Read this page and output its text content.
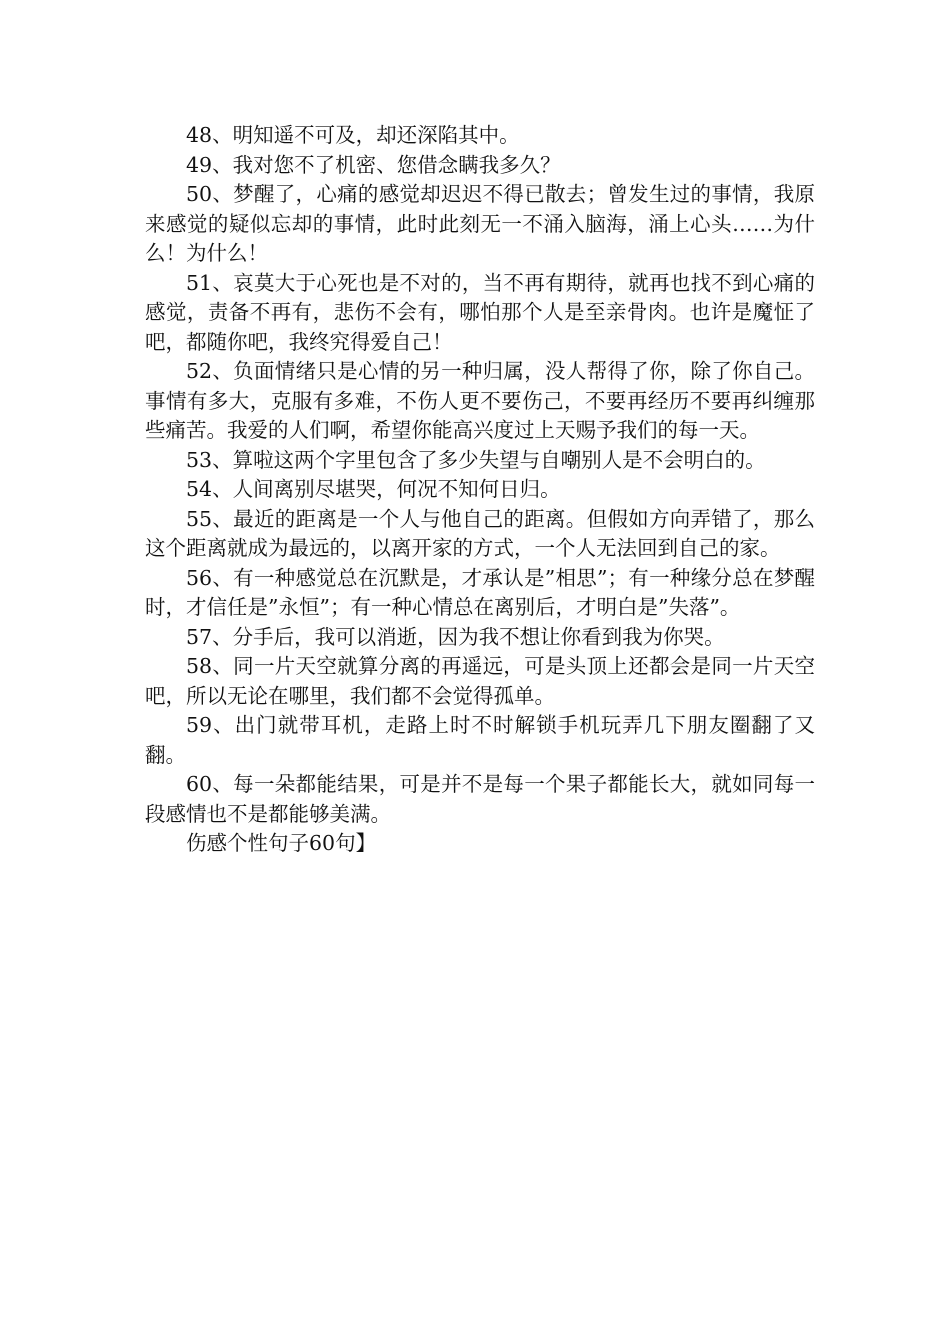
48、明知遥不可及，却还深陷其中。

49、我对您不了机密、您借念瞒我多久？

50、梦醒了，心痛的感觉却迟迟不得已散去；曾发生过的事情，我原来感觉的疑似忘却的事情，此时此刻无一不涌入脑海，涌上心头……为什么！为什么！

51、哀莫大于心死也是不对的，当不再有期待，就再也找不到心痛的感觉，责备不再有，悲伤不会有，哪怕那个人是至亲骨肉。也许是魔怔了吧，都随你吧，我终究得爱自己！

52、负面情绪只是心情的另一种归属，没人帮得了你，除了你自己。事情有多大，克服有多难，不伤人更不要伤己，不要再经历不要再纠缠那些痛苦。我爱的人们啊，希望你能高兴度过上天赐予我们的每一天。

53、算啦这两个字里包含了多少失望与自嘲别人是不会明白的。

54、人间离别尽堪哭，何况不知何日归。

55、最近的距离是一个人与他自己的距离。但假如方向弄错了，那么这个距离就成为最远的，以离开家的方式，一个人无法回到自己的家。

56、有一种感觉总在沉默是，才承认是”相思”；有一种缘分总在梦醒时，才信任是”永恒”；有一种心情总在离别后，才明白是”失落”。

57、分手后，我可以消逝，因为我不想让你看到我为你哭。

58、同一片天空就算分离的再遥远，可是头顶上还都会是同一片天空吧，所以无论在哪里，我们都不会觉得孤单。

59、出门就带耳机，走路上时不时解锁手机玩弄几下朋友圈翻了又翻。

60、每一朵都能结果，可是并不是每一个果子都能长大，就如同每一段感情也不是都能够美满。

伤感个性句子60句】
